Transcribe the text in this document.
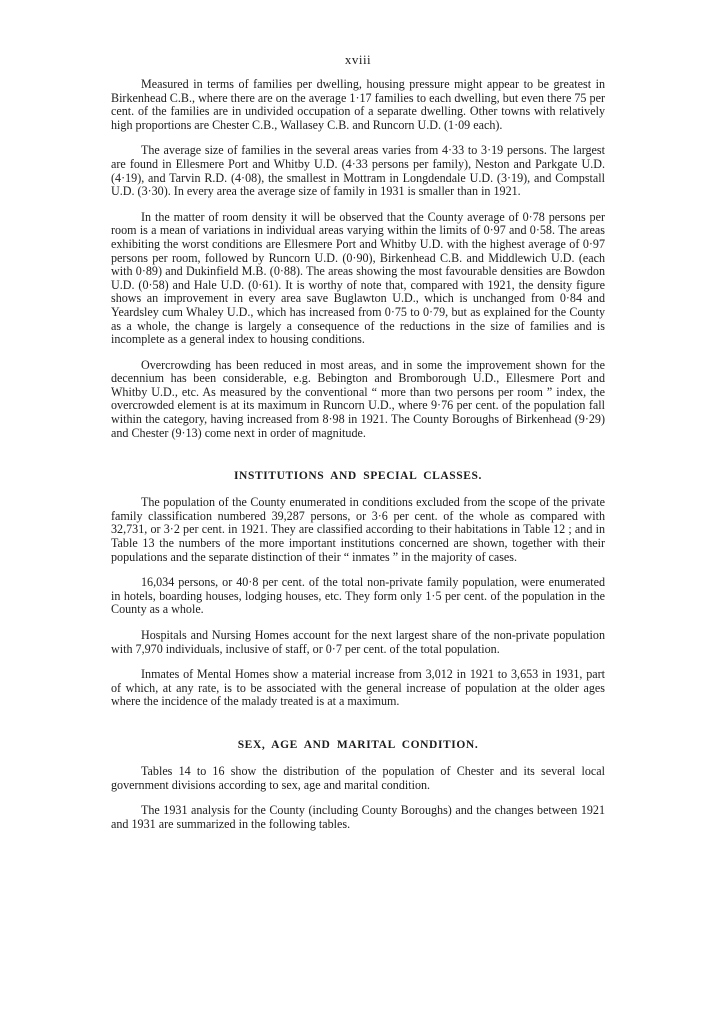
xviii

Measured in terms of families per dwelling, housing pressure might appear to be greatest in Birkenhead C.B., where there are on the average 1·17 families to each dwelling, but even there 75 per cent. of the families are in undivided occupation of a separate dwelling. Other towns with relatively high proportions are Chester C.B., Wallasey C.B. and Runcorn U.D. (1·09 each).

The average size of families in the several areas varies from 4·33 to 3·19 persons. The largest are found in Ellesmere Port and Whitby U.D. (4·33 persons per family), Neston and Parkgate U.D. (4·19), and Tarvin R.D. (4·08), the smallest in Mottram in Longdendale U.D. (3·19), and Compstall U.D. (3·30). In every area the average size of family in 1931 is smaller than in 1921.

In the matter of room density it will be observed that the County average of 0·78 persons per room is a mean of variations in individual areas varying within the limits of 0·97 and 0·58. The areas exhibiting the worst conditions are Ellesmere Port and Whitby U.D. with the highest average of 0·97 persons per room, followed by Runcorn U.D. (0·90), Birkenhead C.B. and Middlewich U.D. (each with 0·89) and Dukinfield M.B. (0·88). The areas showing the most favourable densities are Bowdon U.D. (0·58) and Hale U.D. (0·61). It is worthy of note that, compared with 1921, the density figure shows an improvement in every area save Buglawton U.D., which is unchanged from 0·84 and Yeardsley cum Whaley U.D., which has increased from 0·75 to 0·79, but as explained for the County as a whole, the change is largely a consequence of the reductions in the size of families and is incomplete as a general index to housing conditions.

Overcrowding has been reduced in most areas, and in some the improvement shown for the decennium has been considerable, e.g. Bebington and Bromborough U.D., Ellesmere Port and Whitby U.D., etc. As measured by the conventional “ more than two persons per room ” index, the overcrowded element is at its maximum in Runcorn U.D., where 9·76 per cent. of the population fall within the category, having increased from 8·98 in 1921. The County Boroughs of Birkenhead (9·29) and Chester (9·13) come next in order of magnitude.

INSTITUTIONS AND SPECIAL CLASSES.

The population of the County enumerated in conditions excluded from the scope of the private family classification numbered 39,287 persons, or 3·6 per cent. of the whole as compared with 32,731, or 3·2 per cent. in 1921. They are classified according to their habitations in Table 12 ; and in Table 13 the numbers of the more important institutions concerned are shown, together with their populations and the separate distinction of their “ inmates ” in the majority of cases.

16,034 persons, or 40·8 per cent. of the total non-private family population, were enumerated in hotels, boarding houses, lodging houses, etc. They form only 1·5 per cent. of the population in the County as a whole.

Hospitals and Nursing Homes account for the next largest share of the non-private population with 7,970 individuals, inclusive of staff, or 0·7 per cent. of the total population.

Inmates of Mental Homes show a material increase from 3,012 in 1921 to 3,653 in 1931, part of which, at any rate, is to be associated with the general increase of population at the older ages where the incidence of the malady treated is at a maximum.

SEX, AGE AND MARITAL CONDITION.

Tables 14 to 16 show the distribution of the population of Chester and its several local government divisions according to sex, age and marital condition.

The 1931 analysis for the County (including County Boroughs) and the changes between 1921 and 1931 are summarized in the following tables.
